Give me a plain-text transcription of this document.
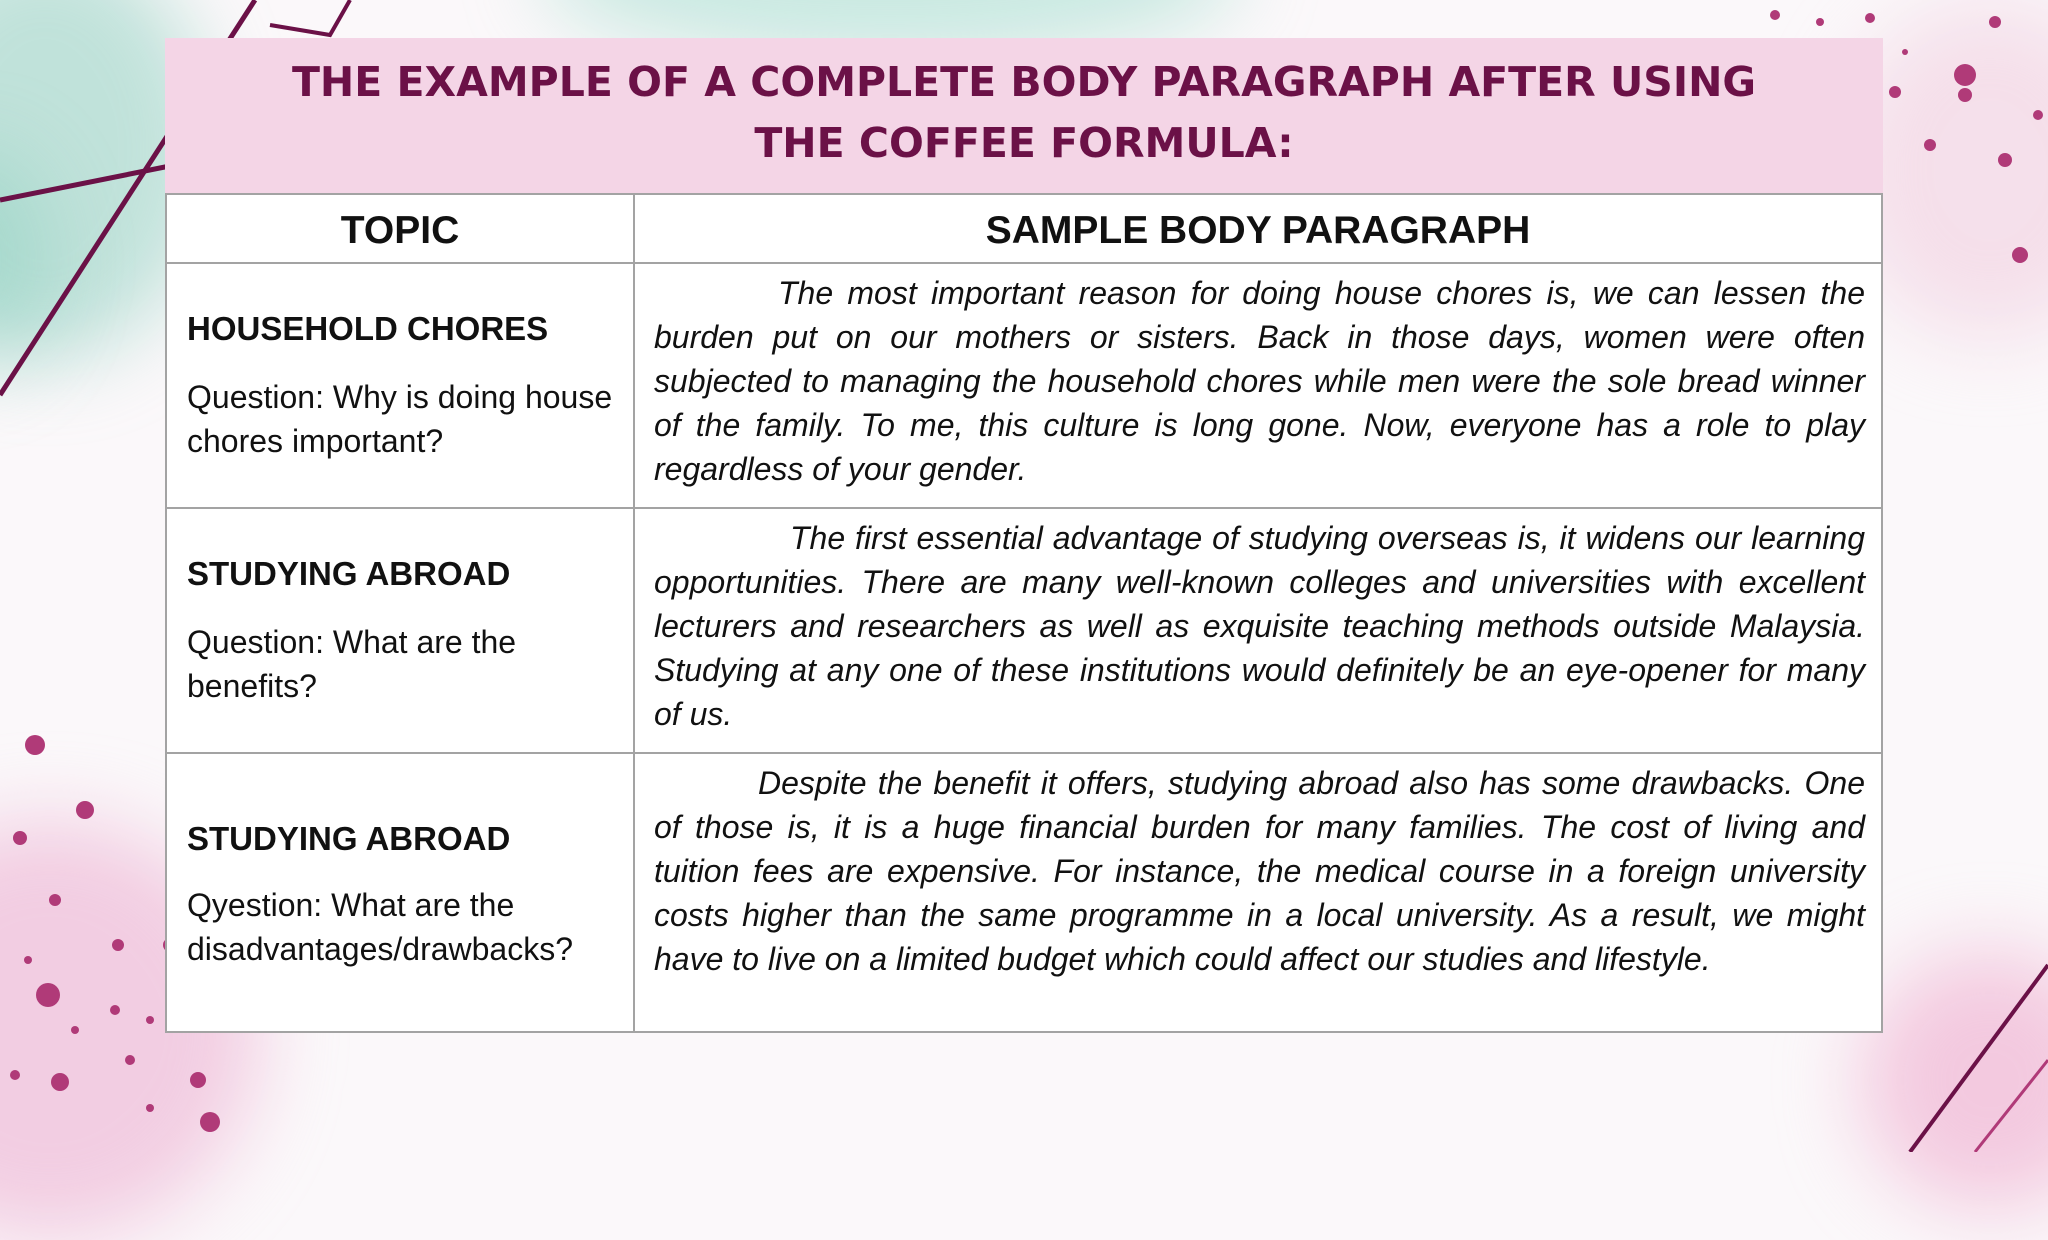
THE EXAMPLE OF A COMPLETE BODY PARAGRAPH AFTER USING
THE COFFEE FORMULA:
TOPIC	SAMPLE BODY PARAGRAPH
HOUSEHOLD CHORES
Question: Why is doing house chores important?
The most important reason for doing house chores is, we can lessen the burden put on our mothers or sisters. Back in those days, women were often subjected to managing the household chores while men were the sole bread winner of the family. To me, this culture is long gone. Now, everyone has a role to play regardless of your gender.
STUDYING ABROAD
Question: What are the benefits?
The first essential advantage of studying overseas is, it widens our learning opportunities. There are many well-known colleges and universities with excellent lecturers and researchers as well as exquisite teaching methods outside Malaysia. Studying at any one of these institutions would definitely be an eye-opener for many of us.
STUDYING ABROAD
Qyestion: What are the disadvantages/drawbacks?
Despite the benefit it offers, studying abroad also has some drawbacks. One of those is, it is a huge financial burden for many families. The cost of living and tuition fees are expensive. For instance, the medical course in a foreign university costs higher than the same programme in a local university. As a result, we might have to live on a limited budget which could affect our studies and lifestyle.
